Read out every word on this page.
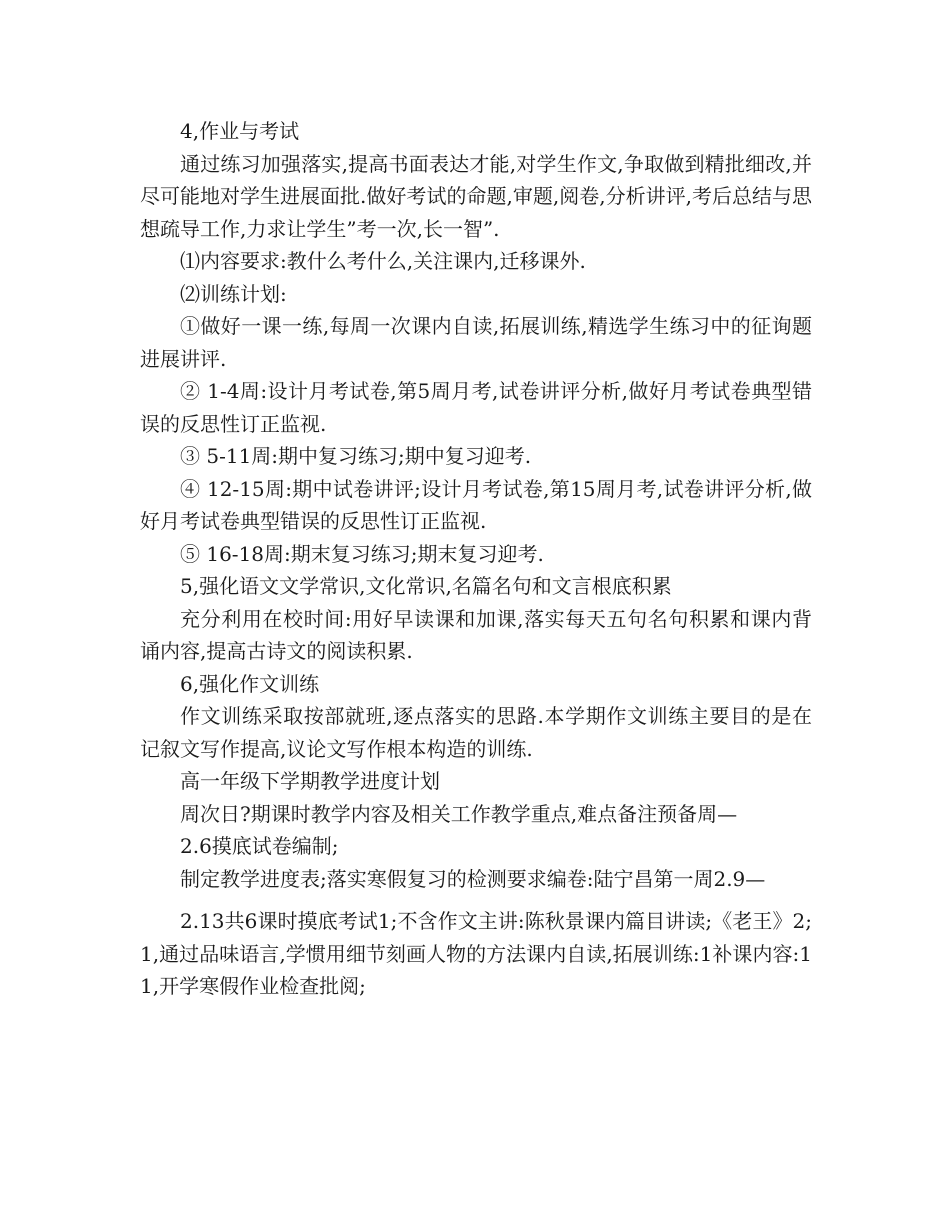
4,作业与考试

通过练习加强落实,提高书面表达才能,对学生作文,争取做到精批细改,并尽可能地对学生进展面批.做好考试的命题,审题,阅卷,分析讲评,考后总结与思想疏导工作,力求让学生”考一次,长一智”.

⑴内容要求:教什么考什么,关注课内,迁移课外.

⑵训练计划:

①做好一课一练,每周一次课内自读,拓展训练,精选学生练习中的征询题进展讲评.

② 1-4周:设计月考试卷,第5周月考,试卷讲评分析,做好月考试卷典型错误的反思性订正监视.

③ 5-11周:期中复习练习;期中复习迎考.

④ 12-15周:期中试卷讲评;设计月考试卷,第15周月考,试卷讲评分析,做好月考试卷典型错误的反思性订正监视.

⑤ 16-18周:期末复习练习;期末复习迎考.

5,强化语文文学常识,文化常识,名篇名句和文言根底积累

充分利用在校时间:用好早读课和加课,落实每天五句名句积累和课内背诵内容,提高古诗文的阅读积累.

6,强化作文训练

作文训练采取按部就班,逐点落实的思路.本学期作文训练主要目的是在记叙文写作提高,议论文写作根本构造的训练.

高一年级下学期教学进度计划

周次日?期课时教学内容及相关工作教学重点,难点备注预备周—

2.6摸底试卷编制;

制定教学进度表;落实寒假复习的检测要求编卷:陆宁昌第一周2.9—

2.13共6课时摸底考试1;不含作文主讲:陈秋景课内篇目讲读;《老王》2;1,通过品味语言,学惯用细节刻画人物的方法课内自读,拓展训练:1补课内容:11,开学寒假作业检查批阅;
